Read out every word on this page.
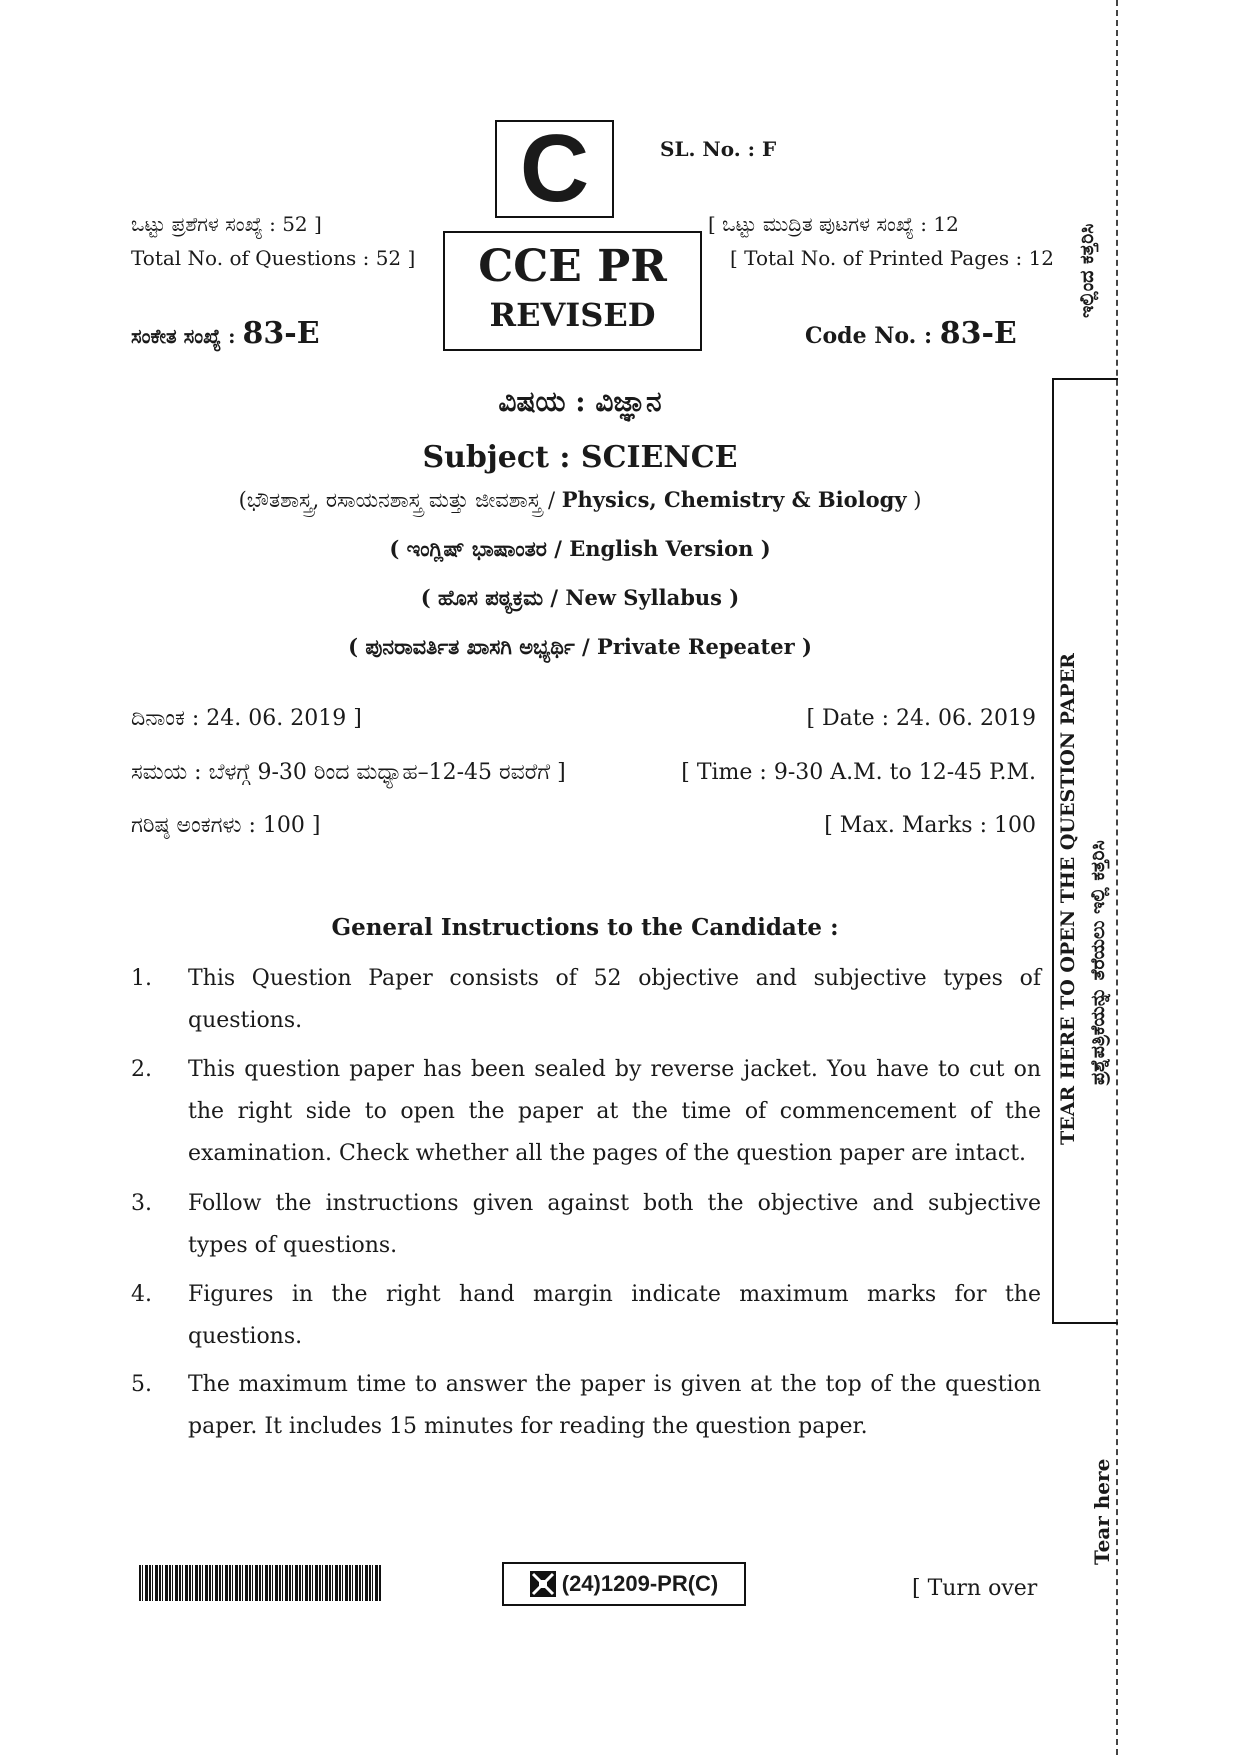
C	SL. No. : F
ಒಟ್ಟು ಪ್ರಶೆಗಳ ಸಂಖ್ಯೆ : 52 ]
Total No. of Questions : 52 ]	CCE PR
REVISED
[ ಒಟ್ಟು ಮುದ್ರಿತ ಪುಟಗಳ ಸಂಖ್ಯೆ : 12
[ Total No. of Printed Pages : 12
ಸಂಕೇತ ಸಂಖ್ಯೆ : 83-E	Code No. : 83-E
ವಿಷಯ : ವಿಜ್ಞಾನ
Subject : SCIENCE
(ಭೌತಶಾಸ್ತ್ರ, ರಸಾಯನಶಾಸ್ತ್ರ ಮತ್ತು ಜೀವಶಾಸ್ತ್ರ / Physics, Chemistry & Biology )
( ಇಂಗ್ಲಿಷ್ ಭಾಷಾಂತರ / English Version )
( ಹೊಸ ಪಠ್ಯಕ್ರಮ / New Syllabus )
( ಪುನರಾವರ್ತಿತ ಖಾಸಗಿ ಅಭ್ಯರ್ಥಿ / Private Repeater )
ದಿನಾಂಕ : 24. 06. 2019 ]	[ Date : 24. 06. 2019
ಸಮಯ : ಬೆಳಗ್ಗೆ 9-30 ರಿಂದ ಮಧ್ಯಾಹ–12-45 ರವರೆಗೆ ]	[ Time : 9-30 A.M. to 12-45 P.M.
ಗರಿಷ್ಠ ಅಂಕಗಳು : 100 ]	[ Max. Marks : 100
General Instructions to the Candidate :
1.	This Question Paper consists of 52 objective and subjective types of questions.
2.	This question paper has been sealed by reverse jacket. You have to cut on the right side to open the paper at the time of commencement of the examination. Check whether all the pages of the question paper are intact.
3.	Follow the instructions given against both the objective and subjective types of questions.
4.	Figures in the right hand margin indicate maximum marks for the questions.
5.	The maximum time to answer the paper is given at the top of the question paper. It includes 15 minutes for reading the question paper.
(24)1209-PR(C)	[ Turn over
TEAR HERE TO OPEN THE QUESTION PAPER ಪ್ರಶ್ನೆಪತ್ರಿಕೆಯನ್ನು ತೆರೆಯಲು ಇಲ್ಲಿ ಕತ್ತರಿಸಿ
ಇಲ್ಲಿಂದ ಕತ್ತರಿಸಿ
Tear here
